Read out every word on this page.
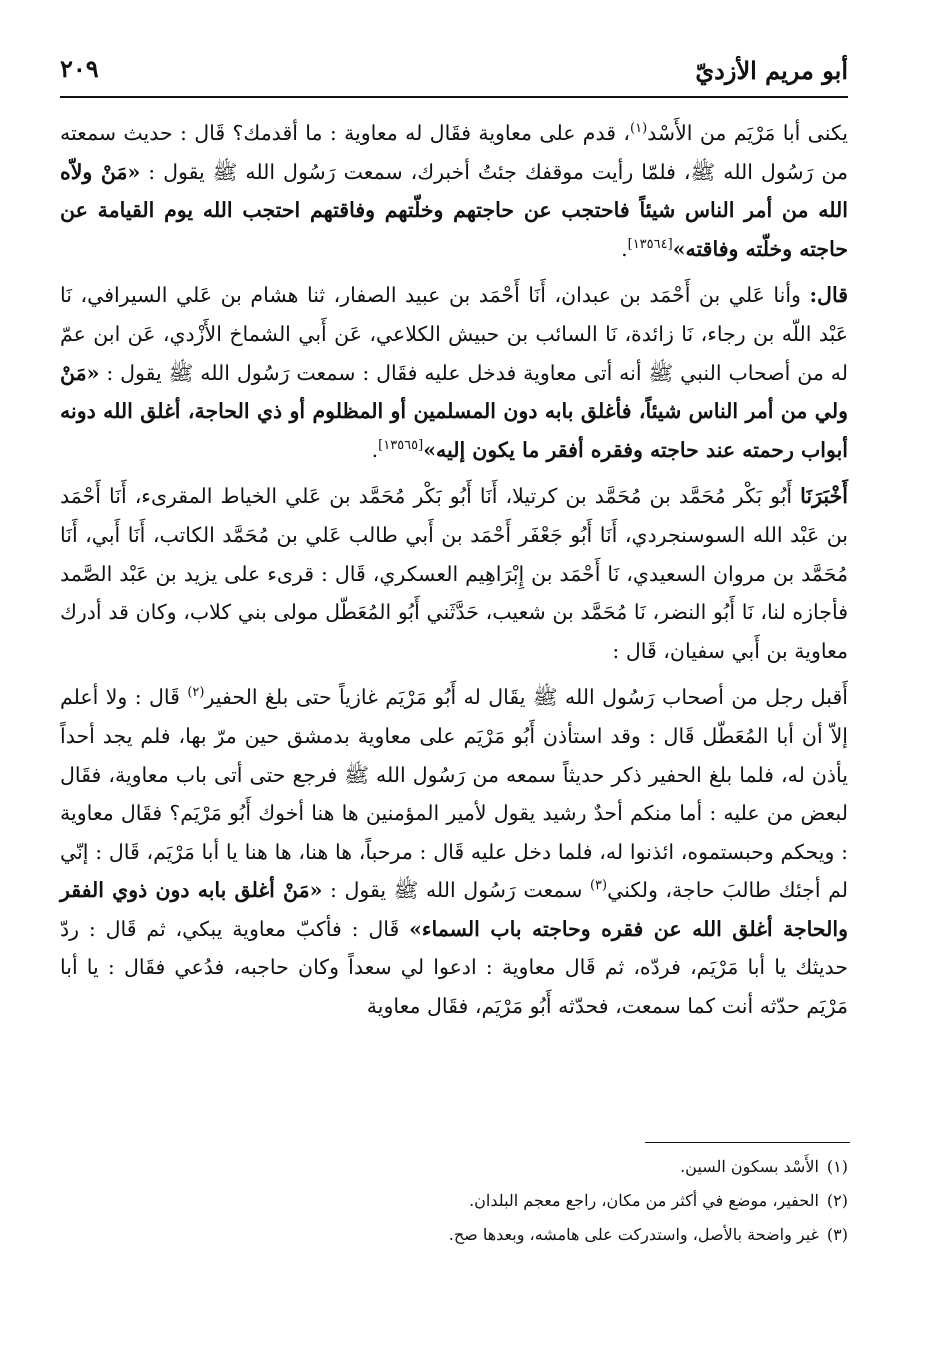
أبو مريم الأزديّ
٢٠٩

يكنى أبا مَرْيَم من الأَسْد$^{(١)}$، قدم على معاوية فقَال له معاوية : ما أقدمك؟ قَال : حديث سمعته من رَسُول الله ﷺ، فلمّا رأيت موقفك جئتُ أخبرك، سمعت رَسُول الله ﷺ يقول : «مَنْ ولاّه الله من أمر الناس شيئاً فاحتجب عن حاجتهم وخلّتهم وفاقتهم احتجب الله يوم القيامة عن حاجته وخلّته وفاقته»[١٣٥٦٤].

قال: وأنا عَلي بن أَحْمَد بن عبدان، أَنَا أَحْمَد بن عبيد الصفار، ثنا هشام بن عَلي السيرافي، نَا عَبْد اللّه بن رجاء، نَا زائدة، نَا السائب بن حبيش الكلاعي، عَن أَبي الشماخ الأَزْدي، عَن ابن عمّ له من أصحاب النبي ﷺ أنه أتى معاوية فدخل عليه فقَال : سمعت رَسُول الله ﷺ يقول : «مَنْ ولي من أمر الناس شيئاً، فأغلق بابه دون المسلمين أو المظلوم أو ذي الحاجة، أغلق الله دونه أبواب رحمته عند حاجته وفقره أفقر ما يكون إليه»[١٣٥٦٥].

أَخْبَرَنَا أَبُو بَكْر مُحَمَّد بن مُحَمَّد بن كرتيلا، أَنَا أَبُو بَكْر مُحَمَّد بن عَلي الخياط المقرىء، أَنَا أَحْمَد بن عَبْد الله السوسنجردي، أَنَا أَبُو جَعْفَر أَحْمَد بن أَبي طالب عَلي بن مُحَمَّد الكاتب، أَنَا أَبي، أَنَا مُحَمَّد بن مروان السعيدي، نَا أَحْمَد بن إِبْرَاهِيم العسكري، قَال : قرىء على يزيد بن عَبْد الصَّمد فأجازه لنا، نَا أَبُو النضر، نَا مُحَمَّد بن شعيب، حَدَّثَني أَبُو المُعَطّل مولى بني كلاب، وكان قد أدرك معاوية بن أَبي سفيان، قَال :

أَقبل رجل من أصحاب رَسُول الله ﷺ يقَال له أَبُو مَرْيَم غازياً حتى بلغ الحفير$^{(٢)}$ قَال : ولا أعلم إلاّ أن أبا المُعَطّل قَال : وقد استأذن أَبُو مَرْيَم على معاوية بدمشق حين مرّ بها، فلم يجد أحداً يأذن له، فلما بلغ الحفير ذكر حديثاً سمعه من رَسُول الله ﷺ فرجع حتى أتى باب معاوية، فقَال لبعض من عليه : أما منكم أحدٌ رشيد يقول لأمير المؤمنين ها هنا أخوك أَبُو مَرْيَم؟ فقَال معاوية : ويحكم وحبستموه، ائذنوا له، فلما دخل عليه قَال : مرحباً، ها هنا، ها هنا يا أبا مَرْيَم، قَال : إنّي لم أجئك طالبَ حاجة، ولكني$^{(٣)}$ سمعت رَسُول الله ﷺ يقول : «مَنْ أغلق بابه دون ذوي الفقر والحاجة أغلق الله عن فقره وحاجته باب السماء» قَال : فأكبّ معاوية يبكي، ثم قَال : ردّ حديثك يا أبا مَرْيَم، فردّه، ثم قَال معاوية : ادعوا لي سعداً وكان حاجبه، فدُعي فقَال : يا أبا مَرْيَم حدّثه أنت كما سمعت، فحدّثه أَبُو مَرْيَم، فقَال معاوية

(١)الأَسْد بسكون السين.

(٢)الحفير، موضع في أكثر من مكان، راجع معجم البلدان.

(٣)غير واضحة بالأصل، واستدركت على هامشه، وبعدها صح.
